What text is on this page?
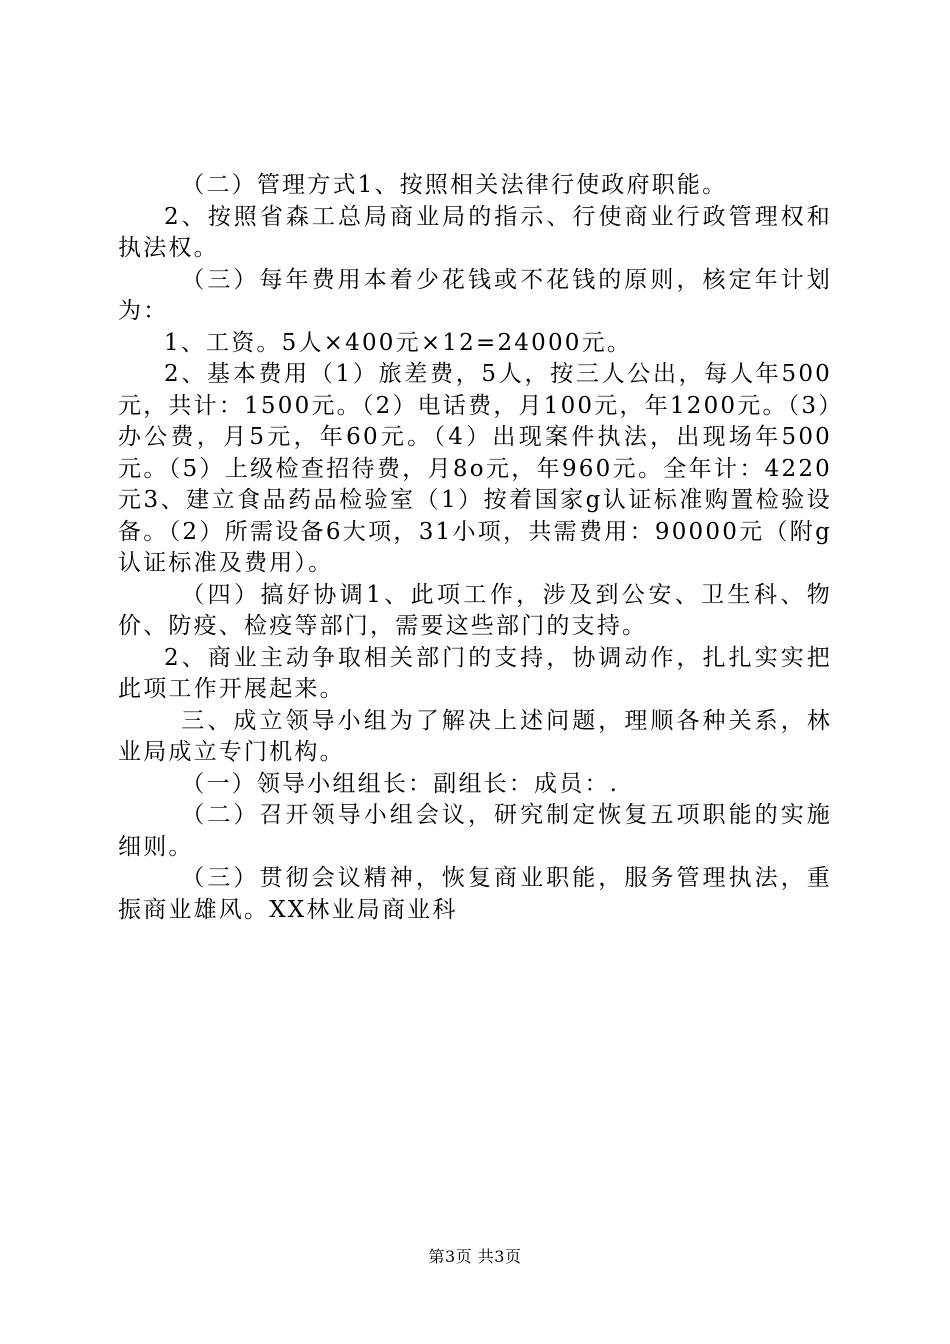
（二）管理方式1、按照相关法律行使政府职能。

2、按照省森工总局商业局的指示、行使商业行政管理权和执法权。

（三）每年费用本着少花钱或不花钱的原则，核定年计划为：

1、工资。5人×400元×12=24000元。

2、基本费用（1）旅差费，5人，按三人公出，每人年500元，共计：1500元。（2）电话费，月100元，年1200元。（3）办公费，月5元，年60元。（4）出现案件执法，出现场年500元。（5）上级检查招待费，月8o元，年960元。全年计：4220元3、建立食品药品检验室（1）按着国家g认证标准购置检验设备。（2）所需设备6大项，31小项，共需费用：90000元（附g认证标准及费用）。

（四）搞好协调1、此项工作，涉及到公安、卫生科、物价、防疫、检疫等部门，需要这些部门的支持。

2、商业主动争取相关部门的支持，协调动作，扎扎实实把此项工作开展起来。

三、成立领导小组为了解决上述问题，理顺各种关系，林业局成立专门机构。

（一）领导小组组长：副组长：成员：.

（二）召开领导小组会议，研究制定恢复五项职能的实施细则。

（三）贯彻会议精神，恢复商业职能，服务管理执法，重振商业雄风。XX林业局商业科

第3页 共3页
